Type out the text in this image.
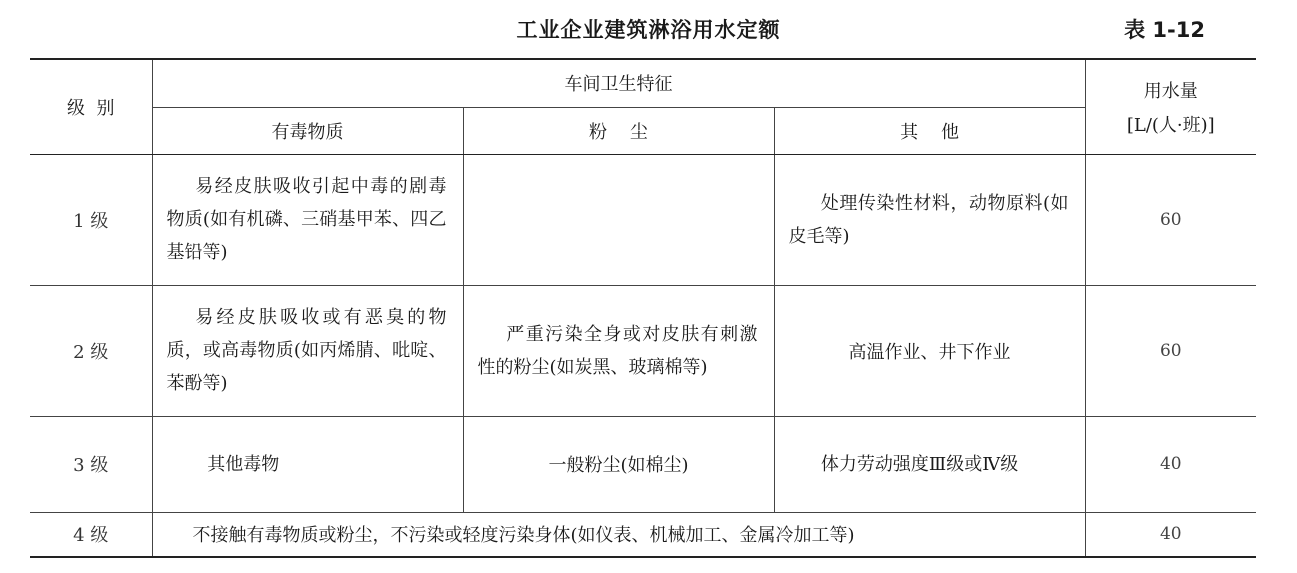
工业企业建筑淋浴用水定额	表 1-12
级  别	车间卫生特征			用水量
[L/(人·班)]

	有毒物质	粉    尘	其    他	
1 级	易经皮肤吸收引起中毒的剧毒物质(如有机磷、三硝基甲苯、四乙基铅等)		处理传染性材料，动物原料(如皮毛等)	60
2 级	易经皮肤吸收或有恶臭的物质，或高毒物质(如丙烯腈、吡啶、苯酚等)	严重污染全身或对皮肤有刺激性的粉尘(如炭黑、玻璃棉等)	高温作业、井下作业	60
3 级	其他毒物	一般粉尘(如棉尘)	体力劳动强度Ⅲ级或Ⅳ级	40
4 级	不接触有毒物质或粉尘，不污染或轻度污染身体(如仪表、机械加工、金属冷加工等)			40
